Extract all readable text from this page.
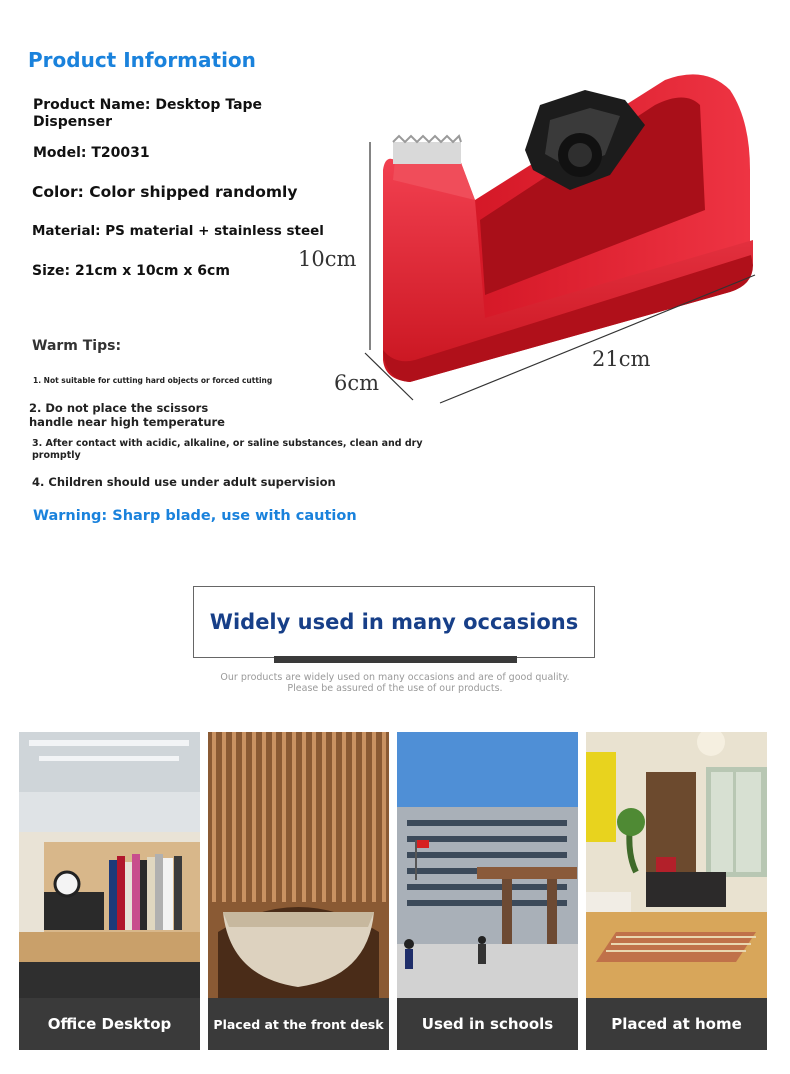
Product Information
Product Name: Desktop Tape
Dispenser
Model: T20031
Color: Color shipped randomly
Material: PS material + stainless steel
Size: 21cm x 10cm x 6cm
Warm Tips:
1. Not suitable for cutting hard objects or forced cutting
2. Do not place the scissors
handle near high temperature
3. After contact with acidic, alkaline, or saline substances, clean and dry
promptly
4. Children should use under adult supervision
Warning: Sharp blade, use with caution
10cm
21cm
6cm
Widely used in many occasions
Our products are widely used on many occasions and are of good quality.
Please be assured of the use of our products.
Office Desktop	Placed at the front desk	Used in schools	Placed at home
